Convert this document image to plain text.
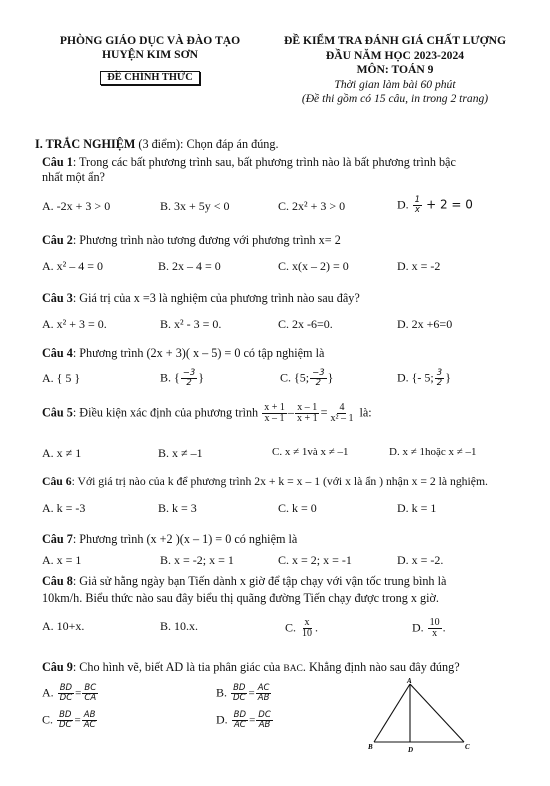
PHÒNG GIÁO DỤC VÀ ĐÀO TẠO
HUYỆN KIM SƠN
ĐỀ CHÍNH THỨC
ĐỀ KIỂM TRA ĐÁNH GIÁ CHẤT LƯỢNG
ĐẦU NĂM HỌC 2023-2024
MÔN: TOÁN 9
Thời gian làm bài 60 phút
(Đề thi gồm có 15 câu, in trong 2 trang)
I. TRẮC NGHIỆM (3 điểm): Chọn đáp án đúng.
Câu 1: Trong các bất phương trình sau, bất phương trình nào là bất phương trình bậc
nhất một ẩn?
A. -2x + 3 > 0	B. 3x + 5y < 0	C. 2x² + 3 > 0	D. $\frac{1}{x} + 2 = 0$
Câu 2: Phương trình nào tương đương với phương trình x= 2
A. x² – 4 = 0	B. 2x – 4 = 0	C. x(x – 2) = 0	D. x = -2
Câu 3: Giá trị của x =3 là nghiệm của phương trình nào sau đây?
A. x² + 3 = 0.	B. x² - 3 = 0.	C. 2x -6=0.	D. 2x +6=0
Câu 4: Phương trình (2x + 3)( x – 5) = 0 có tập nghiệm là
A. { 5 }	B. { $\frac{-3}{2}$ }	C. {5; $\frac{-3}{2}$ }	D. {- 5; $\frac{3}{2}$ }
Câu 5: Điều kiện xác định của phương trình $\frac{x + 1}{x - 1} - \frac{x - 1}{x + 1} = \frac{4}{\text{x² – 1}}$ là:
A. x ≠ 1	B. x ≠ –1	C. x ≠ 1và x ≠ –1	D. x ≠ 1hoặc x ≠ –1
Câu 6: Với giá trị nào của k để phương trình 2x + k = x – 1 (với x là ẩn ) nhận x = 2 là nghiệm.
A. k = -3	B. k = 3	C. k = 0	D. k = 1
Câu 7: Phương trình (x +2 )(x – 1) = 0 có nghiệm là
A. x = 1	B. x = -2; x = 1	C. x = 2; x = -1	D. x = -2.
Câu 8: Giả sử hằng ngày bạn Tiến dành x giờ để tập chạy với vận tốc trung bình là
10km/h. Biểu thức nào sau đây biểu thị quãng đường Tiến chạy được trong x giờ.
A. 10+x.	B. 10.x.	C. $\frac{x}{10}$ .	D. $\frac{10}{x}$ .
Câu 9: Cho hình vẽ, biết AD là tia phân giác của BAC. Khẳng định nào sau đây đúng?
A. $\frac{BD}{DC} = \frac{BC}{CA}$	B. $\frac{BD}{DC} = \frac{AC}{AB}$
C. $\frac{BD}{DC} = \frac{AB}{AC}$	D. $\frac{BD}{AC} = \frac{DC}{AB}$
A
B	C
D
